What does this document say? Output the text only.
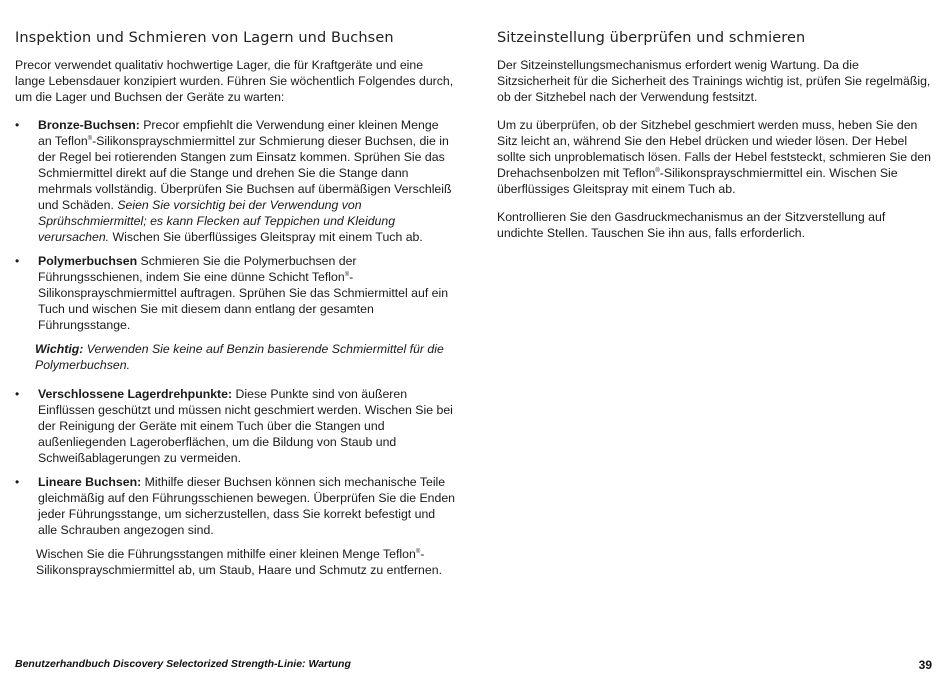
Inspektion und Schmieren von Lagern und Buchsen

Precor verwendet qualitativ hochwertige Lager, die für Kraftgeräte und eine lange Lebensdauer konzipiert wurden. Führen Sie wöchentlich Folgendes durch, um die Lager und Buchsen der Geräte zu warten:

• Bronze-Buchsen: Precor empfiehlt die Verwendung einer kleinen Menge an Teflon®-Silikonsprayschmiermittel zur Schmierung dieser Buchsen, die in der Regel bei rotierenden Stangen zum Einsatz kommen. Sprühen Sie das Schmiermittel direkt auf die Stange und drehen Sie die Stange dann mehrmals vollständig. Überprüfen Sie Buchsen auf übermäßigen Verschleiß und Schäden. Seien Sie vorsichtig bei der Verwendung von Sprühschmiermittel; es kann Flecken auf Teppichen und Kleidung verursachen. Wischen Sie überflüssiges Gleitspray mit einem Tuch ab.
• Polymerbuchsen Schmieren Sie die Polymerbuchsen der Führungsschienen, indem Sie eine dünne Schicht Teflon®-Silikonsprayschmiermittel auftragen. Sprühen Sie das Schmiermittel auf ein Tuch und wischen Sie mit diesem dann entlang der gesamten Führungsstange.
Wichtig: Verwenden Sie keine auf Benzin basierende Schmiermittel für die Polymerbuchsen.
• Verschlossene Lagerdrehpunkte: Diese Punkte sind von äußeren Einflüssen geschützt und müssen nicht geschmiert werden. Wischen Sie bei der Reinigung der Geräte mit einem Tuch über die Stangen und außenliegenden Lageroberflächen, um die Bildung von Staub und Schweißablagerungen zu vermeiden.
• Lineare Buchsen: Mithilfe dieser Buchsen können sich mechanische Teile gleichmäßig auf den Führungsschienen bewegen. Überprüfen Sie die Enden jeder Führungsstange, um sicherzustellen, dass Sie korrekt befestigt und alle Schrauben angezogen sind.

Wischen Sie die Führungsstangen mithilfe einer kleinen Menge Teflon®-Silikonsprayschmiermittel ab, um Staub, Haare und Schmutz zu entfernen.

Sitzeinstellung überprüfen und schmieren

Der Sitzeinstellungsmechanismus erfordert wenig Wartung. Da die Sitzsicherheit für die Sicherheit des Trainings wichtig ist, prüfen Sie regelmäßig, ob der Sitzhebel nach der Verwendung festsitzt.

Um zu überprüfen, ob der Sitzhebel geschmiert werden muss, heben Sie den Sitz leicht an, während Sie den Hebel drücken und wieder lösen. Der Hebel sollte sich unproblematisch lösen. Falls der Hebel feststeckt, schmieren Sie den Drehachsenbolzen mit Teflon®-Silikonsprayschmiermittel ein. Wischen Sie überflüssiges Gleitspray mit einem Tuch ab.

Kontrollieren Sie den Gasdruckmechanismus an der Sitzverstellung auf undichte Stellen. Tauschen Sie ihn aus, falls erforderlich.

Benutzerhandbuch Discovery Selectorized Strength-Linie: Wartung	39
